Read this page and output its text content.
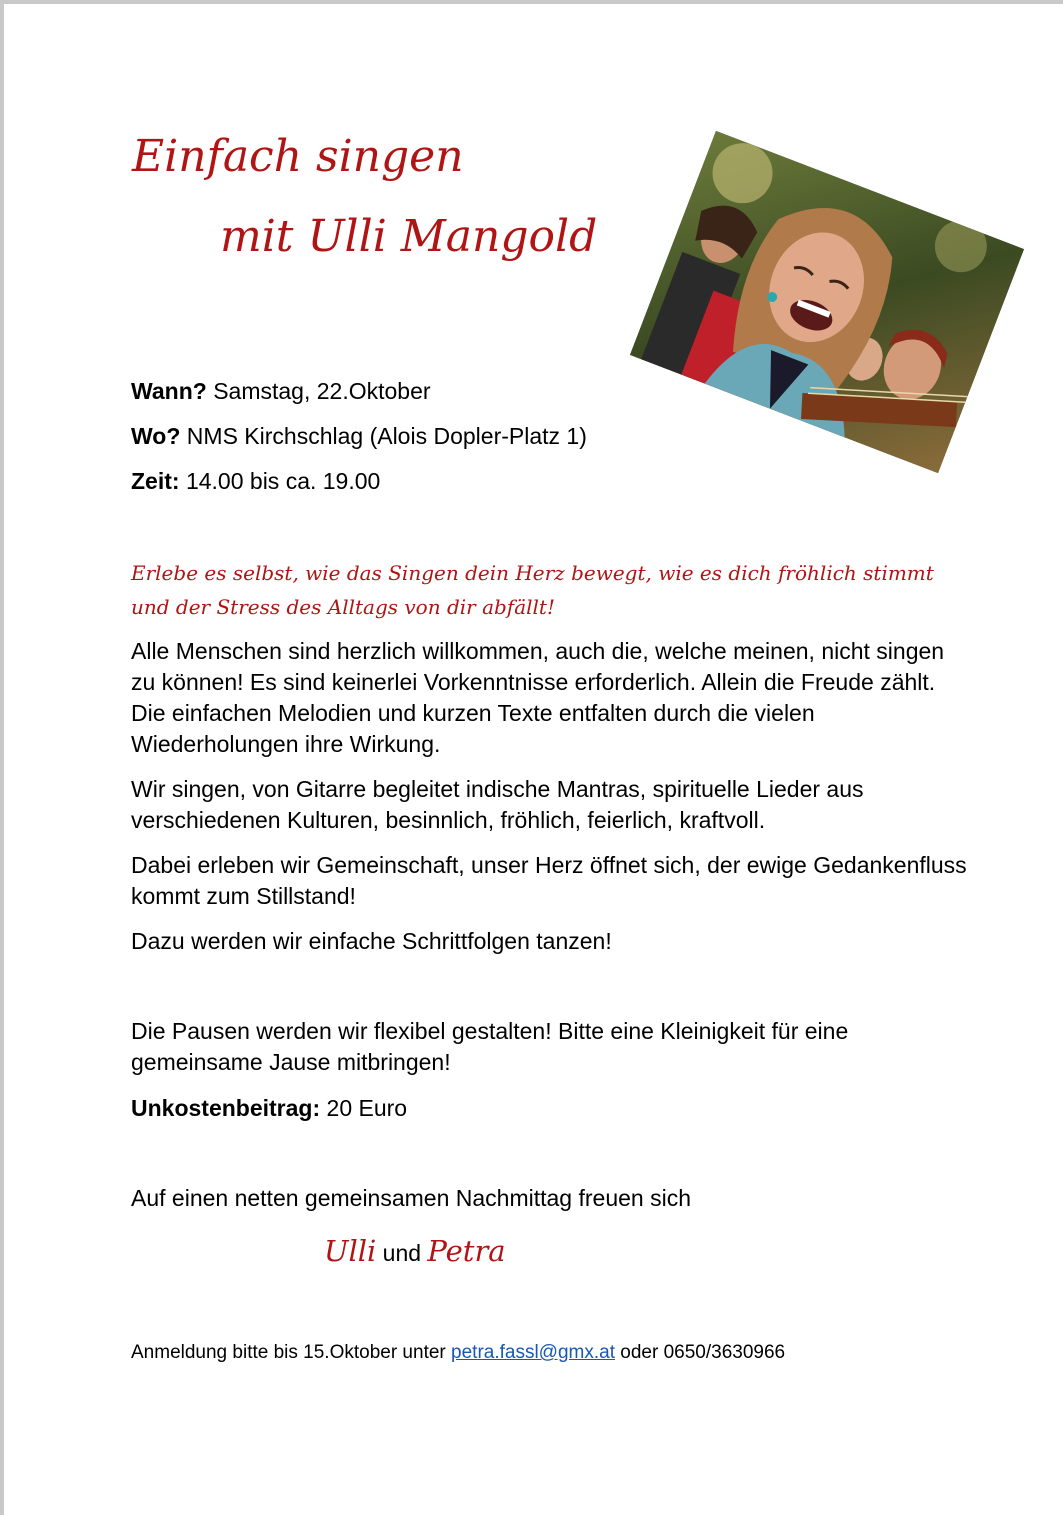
Einfach singen
mit Ulli Mangold
Wann? Samstag, 22.Oktober
Wo? NMS Kirchschlag (Alois Dopler-Platz 1)
Zeit: 14.00 bis ca. 19.00
Erlebe es selbst, wie das Singen dein Herz bewegt, wie es dich fröhlich stimmt
und der Stress des Alltags von dir abfällt!
Alle Menschen sind herzlich willkommen, auch die, welche meinen, nicht singen zu können! Es sind keinerlei Vorkenntnisse erforderlich. Allein die Freude zählt. Die einfachen Melodien und kurzen Texte entfalten durch die vielen Wiederholungen ihre Wirkung.
Wir singen, von Gitarre begleitet indische Mantras, spirituelle Lieder aus verschiedenen Kulturen, besinnlich, fröhlich, feierlich, kraftvoll.
Dabei erleben wir Gemeinschaft, unser Herz öffnet sich, der ewige Gedankenfluss kommt zum Stillstand!
Dazu werden wir einfache Schrittfolgen tanzen!
Die Pausen werden wir flexibel gestalten! Bitte eine Kleinigkeit für eine gemeinsame Jause mitbringen!
Unkostenbeitrag: 20 Euro
Auf einen netten gemeinsamen Nachmittag freuen sich
Ulli und Petra
Anmeldung bitte bis 15.Oktober unter petra.fassl@gmx.at oder 0650/3630966
